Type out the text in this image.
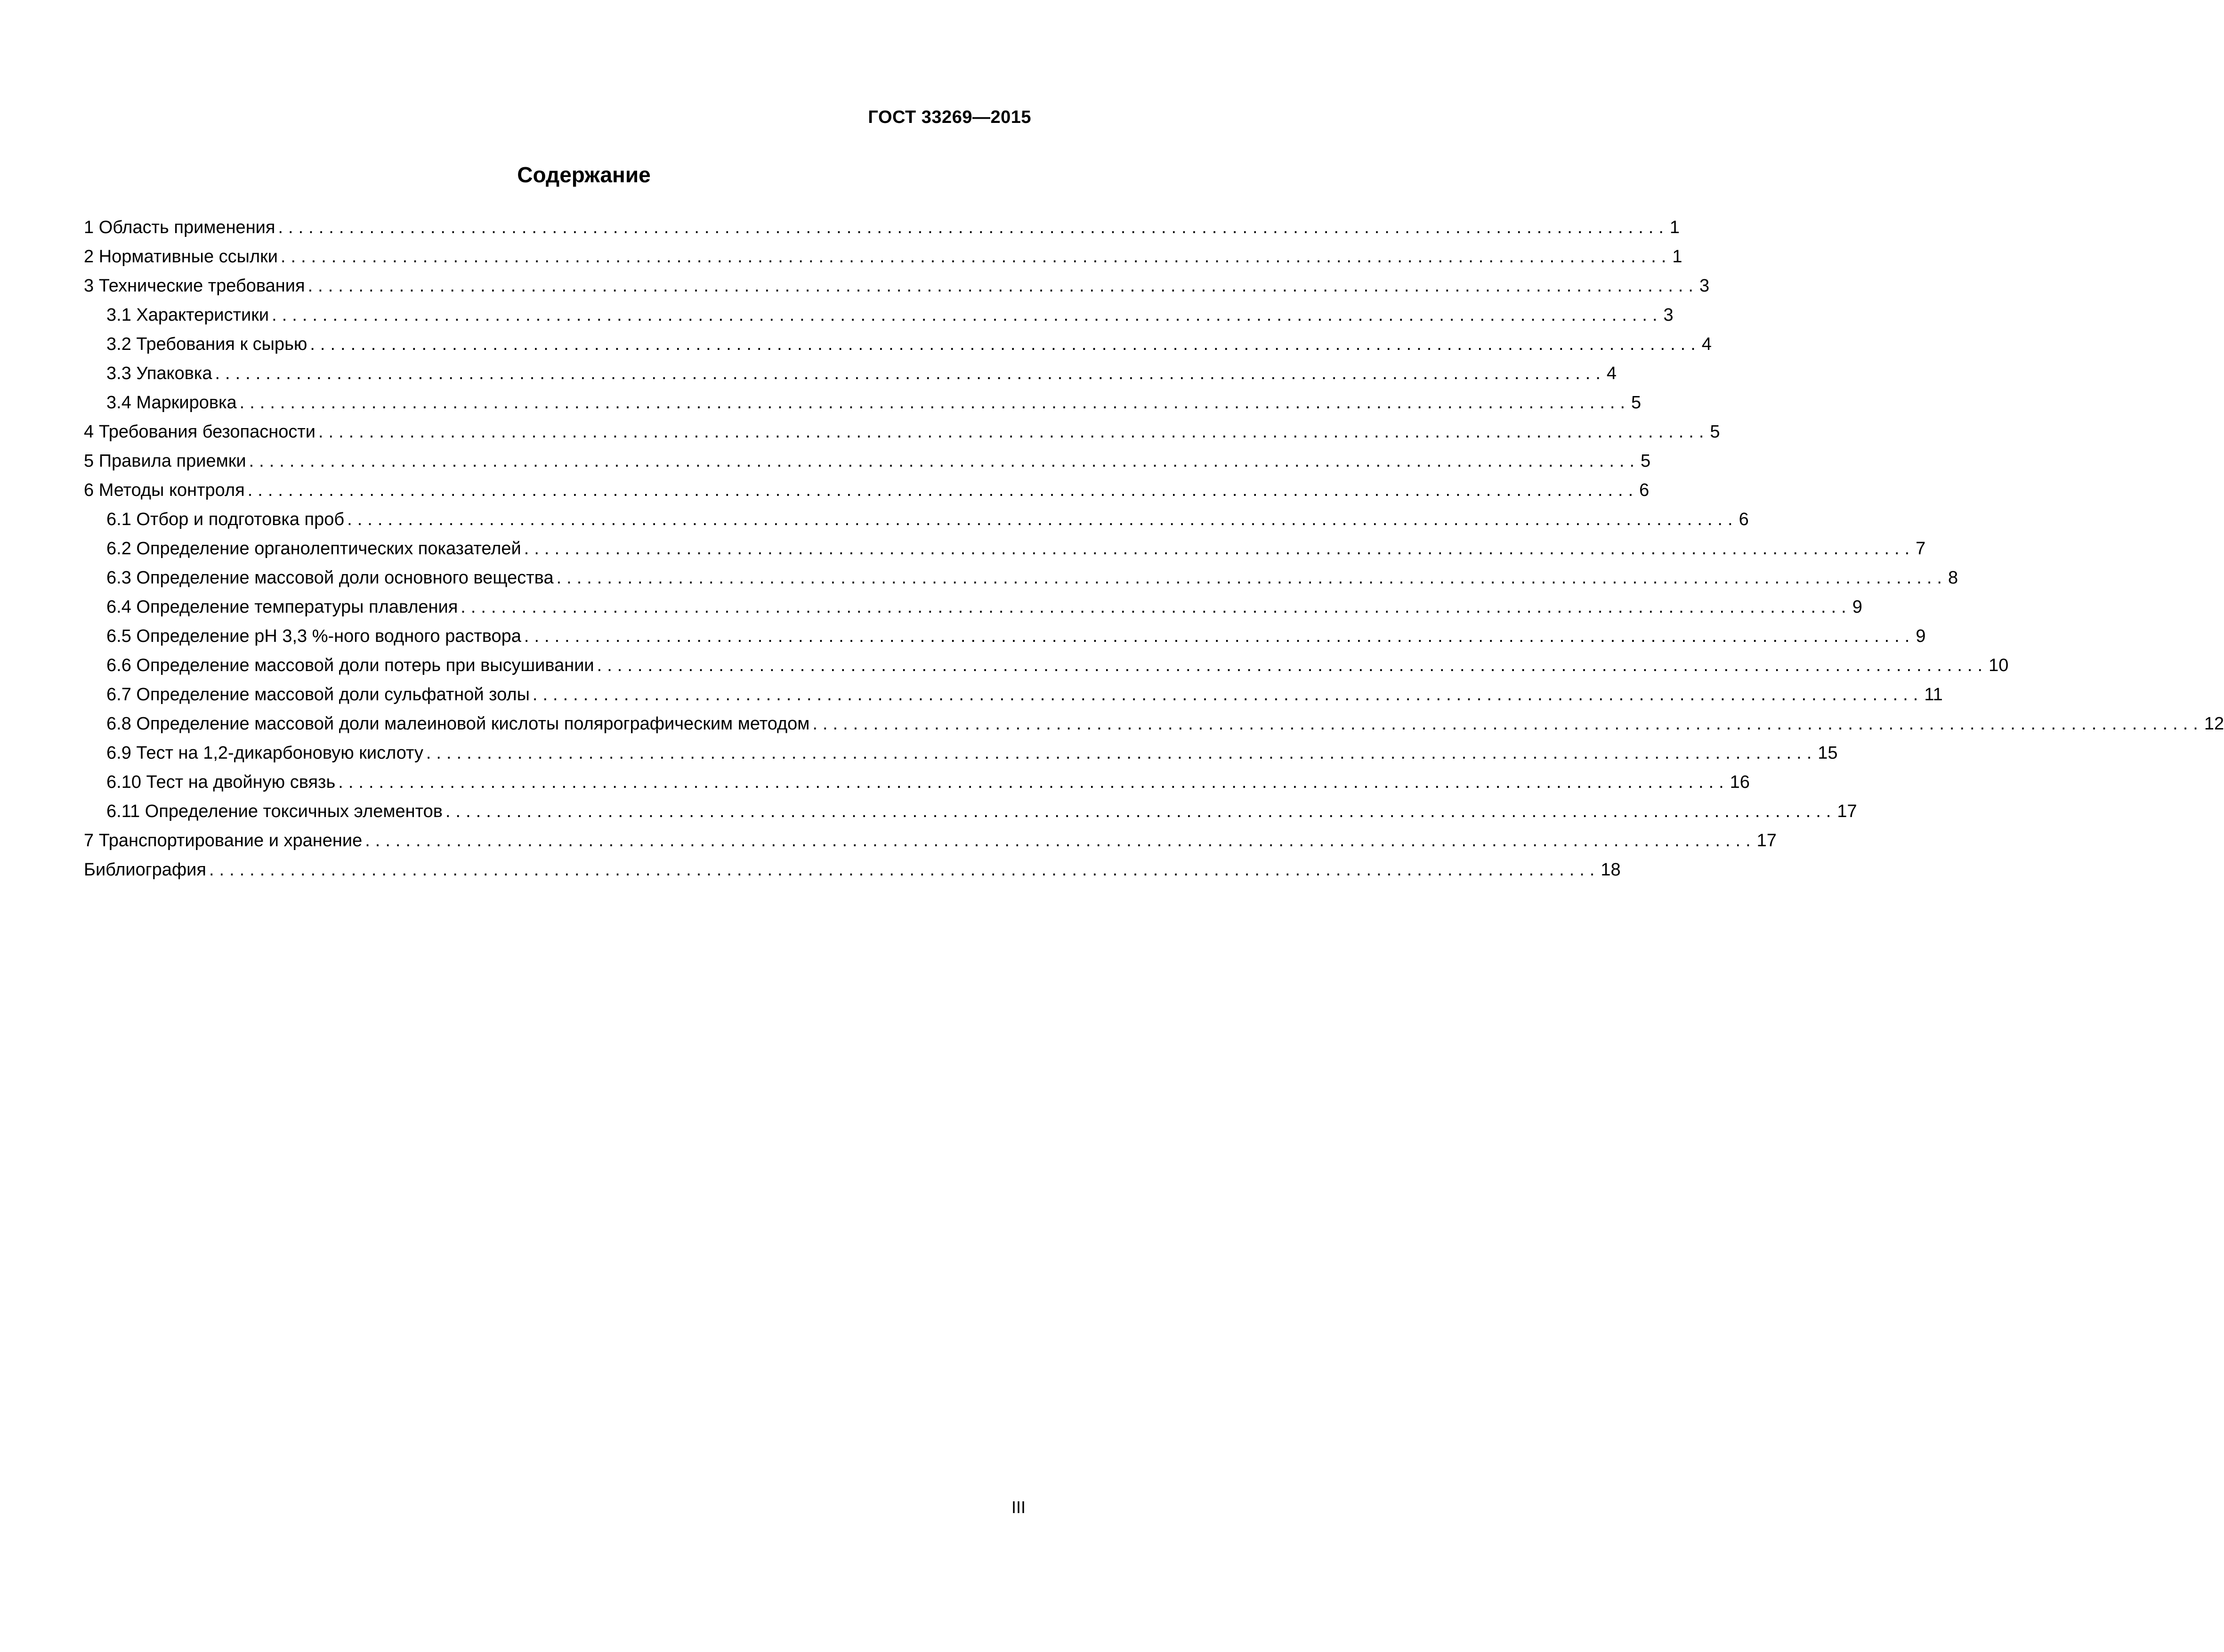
ГОСТ 33269—2015
Содержание
1 Область применения ......................................................................................................................................... 1
2 Нормативные ссылки ......................................................................................................................................... 1
3 Технические требования ......................................................................................................................................... 3
3.1 Характеристики ......................................................................................................................................... 3
3.2 Требования к сырью ......................................................................................................................................... 4
3.3 Упаковка ......................................................................................................................................... 4
3.4 Маркировка ......................................................................................................................................... 5
4 Требования безопасности ......................................................................................................................................... 5
5 Правила приемки ......................................................................................................................................... 5
6 Методы контроля ......................................................................................................................................... 6
6.1 Отбор и подготовка проб ......................................................................................................................................... 6
6.2 Определение органолептических показателей ......................................................................................................................................... 7
6.3 Определение массовой доли основного вещества ......................................................................................................................................... 8
6.4 Определение температуры плавления ......................................................................................................................................... 9
6.5 Определение pH 3,3 %-ного водного раствора ......................................................................................................................................... 9
6.6 Определение массовой доли потерь при высушивании ......................................................................................................................................... 10
6.7 Определение массовой доли сульфатной золы ......................................................................................................................................... 11
6.8 Определение массовой доли малеиновой кислоты полярографическим методом ......................................................................................................................................... 12
6.9 Тест на 1,2-дикарбоновую кислоту ......................................................................................................................................... 15
6.10 Тест на двойную связь ......................................................................................................................................... 16
6.11 Определение токсичных элементов ......................................................................................................................................... 17
7 Транспортирование и хранение ......................................................................................................................................... 17
Библиография ......................................................................................................................................... 18
III
